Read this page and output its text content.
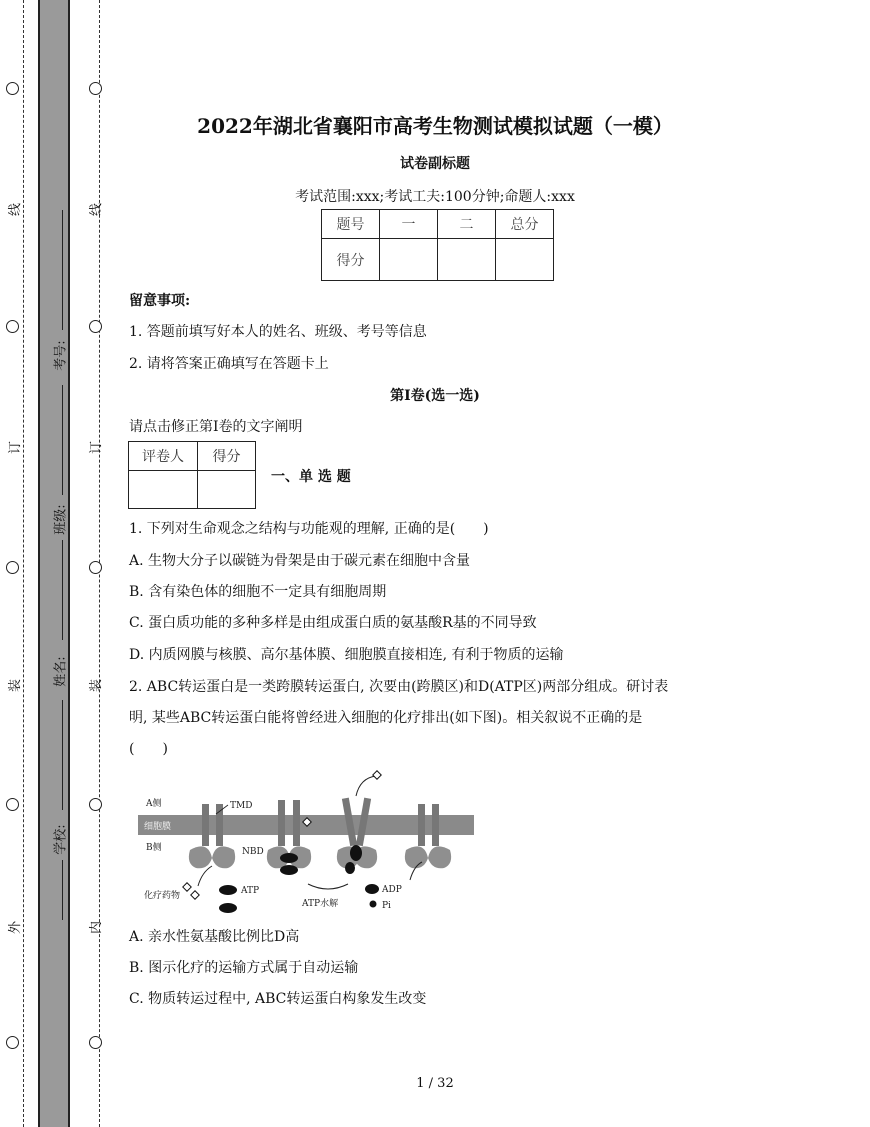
线
订
装
外
线
订
装
内
考号:
班级:
姓名:
学校:
2022年湖北省襄阳市高考生物测试模拟试题（一模）
试卷副标题
考试范围:xxx;考试工夫:100分钟;命题人:xxx
题号	一	二	总分
得分			
留意事项:
1. 答题前填写好本人的姓名、班级、考号等信息
2. 请将答案正确填写在答题卡上
第I卷(选一选)
请点击修正第I卷的文字阐明
评卷人	得分

一、单 选 题
1. 下列对生命观念之结构与功能观的理解, 正确的是(　　)
A. 生物大分子以碳链为骨架是由于碳元素在细胞中含量
B. 含有染色体的细胞不一定具有细胞周期
C. 蛋白质功能的多种多样是由组成蛋白质的氨基酸R基的不同导致
D. 内质网膜与核膜、高尔基体膜、细胞膜直接相连, 有利于物质的运输
2. ABC转运蛋白是一类跨膜转运蛋白, 次要由(跨膜区)和D(ATP区)两部分组成。研讨表
明, 某些ABC转运蛋白能将曾经进入细胞的化疗排出(如下图)。相关叙说不正确的是
(　　)
A侧
细胞膜
B侧
TMD
NBD
化疗药物	ATP
ATP水解
ADP
Pi
A. 亲水性氨基酸比例比D高
B. 图示化疗的运输方式属于自动运输
C. 物质转运过程中, ABC转运蛋白构象发生改变
1 / 32
